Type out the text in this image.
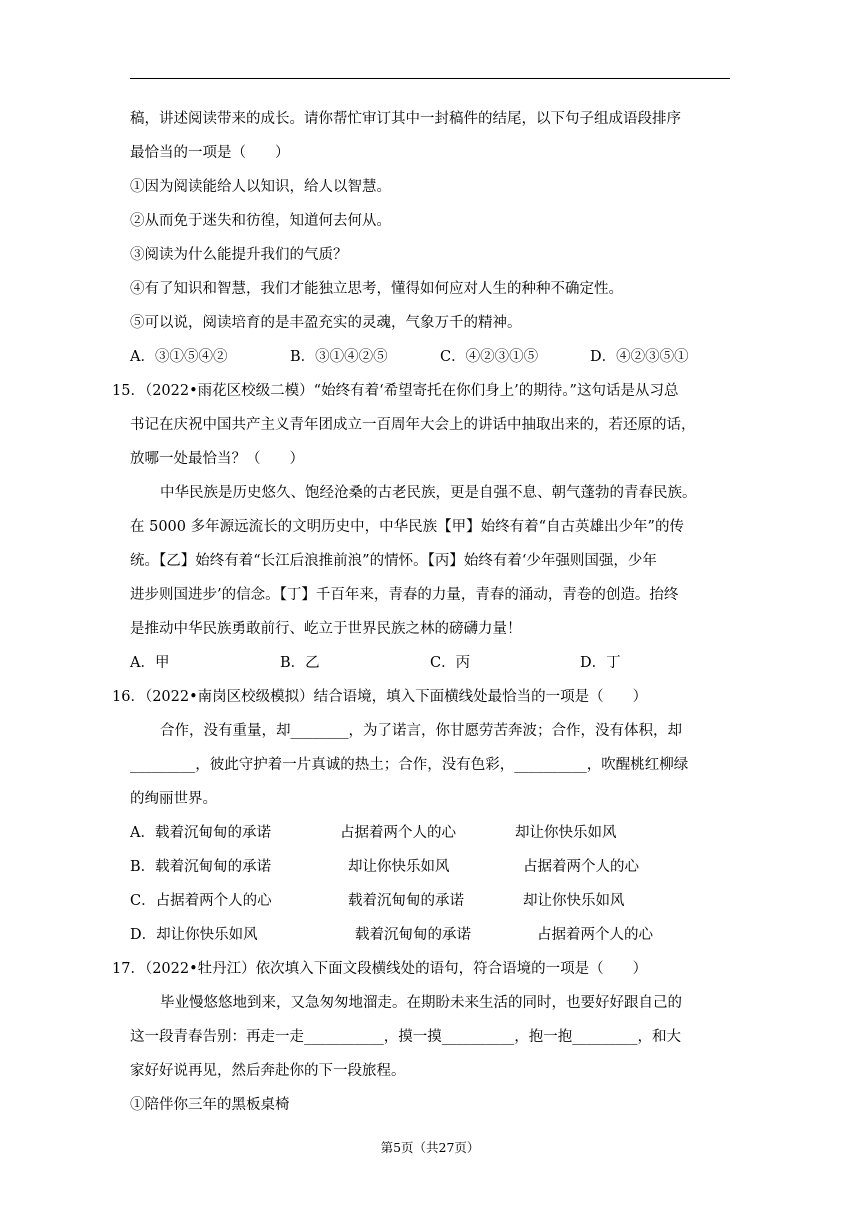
稿，讲述阅读带来的成长。请你帮忙审订其中一封稿件的结尾，以下句子组成语段排序
最恰当的一项是（　　）
①因为阅读能给人以知识，给人以智慧。
②从而免于迷失和彷徨，知道何去何从。
③阅读为什么能提升我们的气质？
④有了知识和智慧，我们才能独立思考，懂得如何应对人生的种种不确定性。
⑤可以说，阅读培育的是丰盈充实的灵魂，气象万千的精神。
A．③①⑤④②	B．③①④②⑤	C．④②③①⑤	D．④②③⑤①
15．（2022•雨花区校级二模）“始终有着‘希望寄托在你们身上’的期待。”这句话是从习总
书记在庆祝中国共产主义青年团成立一百周年大会上的讲话中抽取出来的，若还原的话，
放哪一处最恰当？（　　）
中华民族是历史悠久、饱经沧桑的古老民族，更是自强不息、朝气蓬勃的青春民族。
在 5000 多年源远流长的文明历史中，中华民族【甲】始终有着“自古英雄出少年”的传
统。【乙】始终有着“长江后浪推前浪”的情怀。【丙】始终有着‘少年强则国强，少年
进步则国进步’的信念。【丁】千百年来，青春的力量，青春的涌动，青卷的创造。抬终
是推动中华民族勇敢前行、屹立于世界民族之林的磅礴力量！
A．甲	B．乙	C．丙	D．丁
16．（2022•南岗区校级模拟）结合语境，填入下面横线处最恰当的一项是（　　）
合作，没有重量，却________，为了诺言，你甘愿劳苦奔波；合作，没有体积，却
_________，彼此守护着一片真诚的热土；合作，没有色彩，__________，吹醒桃红柳绿
的绚丽世界。
A．载着沉甸甸的承诺	占据着两个人的心	却让你快乐如风
B．载着沉甸甸的承诺	却让你快乐如风	占据着两个人的心
C．占据着两个人的心	载着沉甸甸的承诺	却让你快乐如风
D．却让你快乐如风	载着沉甸甸的承诺	占据着两个人的心
17．（2022•牡丹江）依次填入下面文段横线处的语句，符合语境的一项是（　　）
毕业慢悠悠地到来，又急匆匆地溜走。在期盼未来生活的同时，也要好好跟自己的
这一段青春告别：再走一走___________，摸一摸__________，抱一抱_________，和大
家好好说再见，然后奔赴你的下一段旅程。
①陪伴你三年的黑板桌椅
第5页（共27页）
